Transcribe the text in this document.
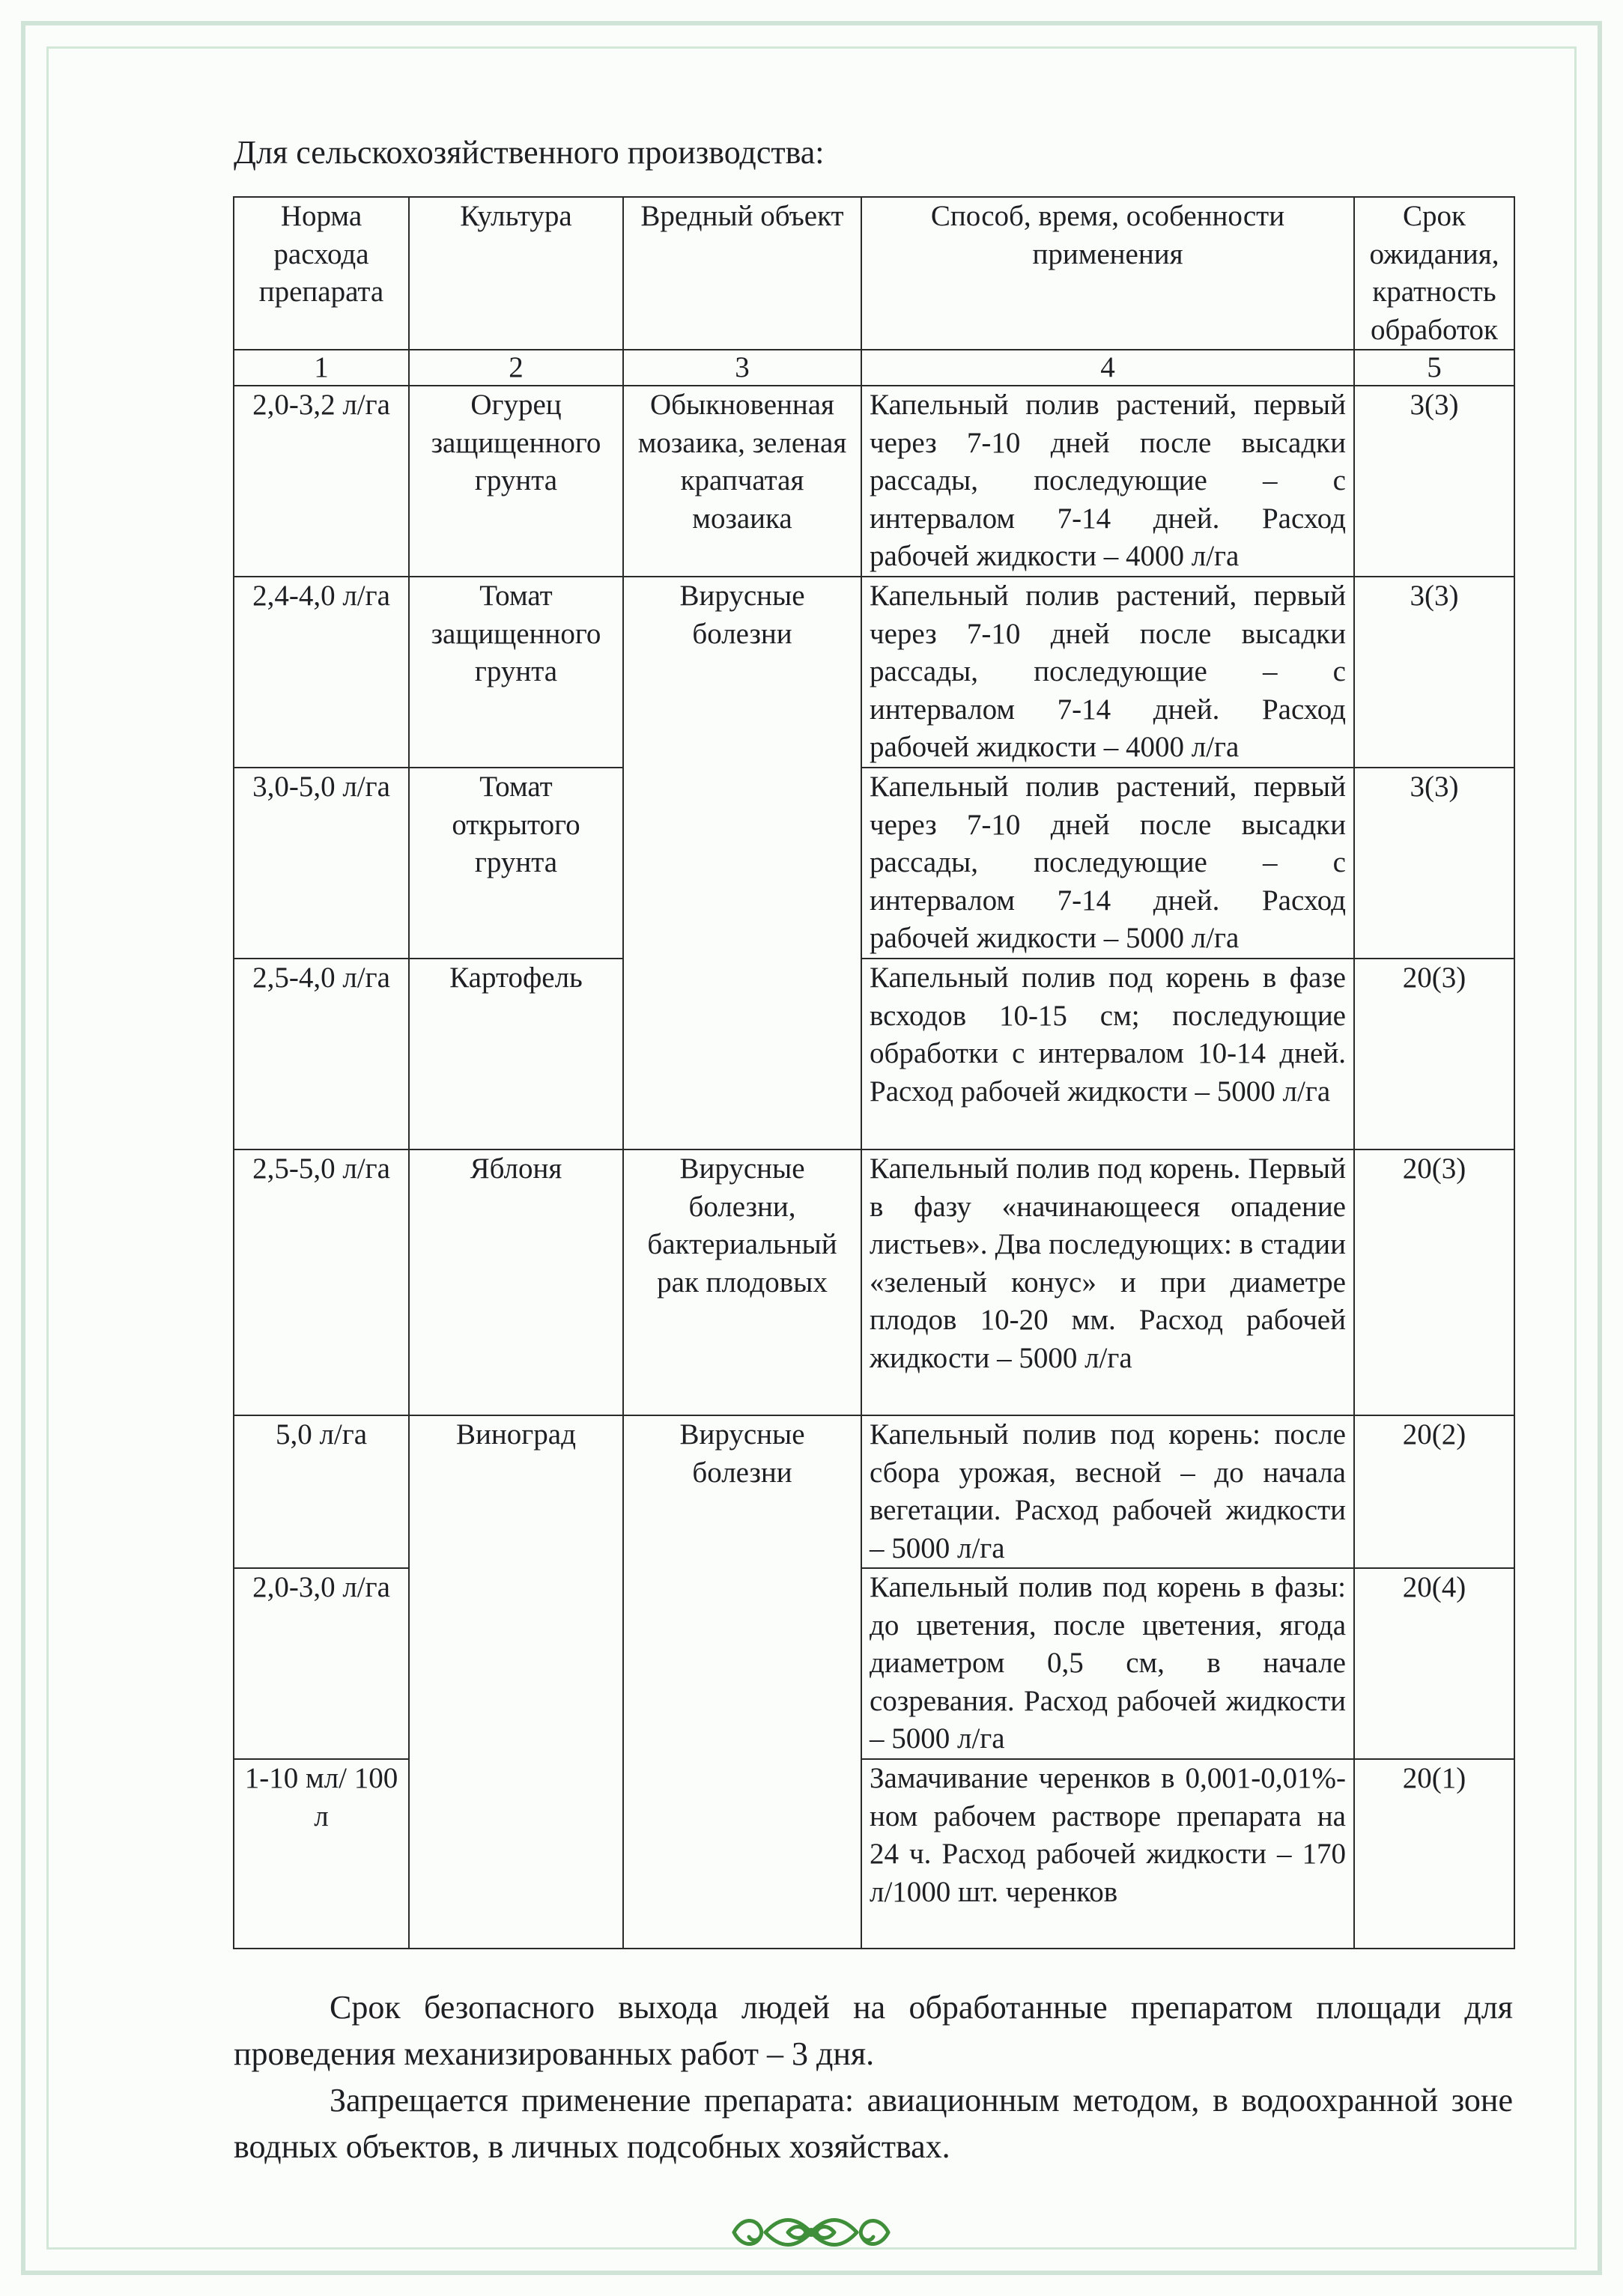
Для сельскохозяйственного производства:
Норма расхода препарата	Культура	Вредный объект	Способ, время, особенности применения	Срок ожидания, кратность обработок
1	2	3	4	5
2,0-3,2 л/га	Огурец защищенного грунта	Обыкновенная мозаика, зеленая крапчатая мозаика	Капельный полив растений, первый через 7-10 дней после высадки рассады, последующие – с интервалом 7-14 дней. Расход рабочей жидкости – 4000 л/га	3(3)
2,4-4,0 л/га	Томат защищенного грунта	Вирусные болезни	Капельный полив растений, первый через 7-10 дней после высадки рассады, последующие – с интервалом 7-14 дней. Расход рабочей жидкости – 4000 л/га	3(3)
3,0-5,0 л/га	Томат открытого грунта		Капельный полив растений, первый через 7-10 дней после высадки рассады, последующие – с интервалом 7-14 дней. Расход рабочей жидкости – 5000 л/га	3(3)
2,5-4,0 л/га	Картофель		Капельный полив под корень в фазе всходов 10-15 см; последующие обработки с интервалом 10-14 дней. Расход рабочей жидкости – 5000 л/га	20(3)
2,5-5,0 л/га	Яблоня	Вирусные болезни, бактериальный рак плодовых	Капельный полив под корень. Первый в фазу «начинающееся опадение листьев». Два последующих: в стадии «зеленый конус» и при диаметре плодов 10-20 мм. Расход рабочей жидкости – 5000 л/га	20(3)
5,0 л/га	Виноград	Вирусные болезни	Капельный полив под корень: после сбора урожая, весной – до начала вегетации. Расход рабочей жидкости – 5000 л/га	20(2)
2,0-3,0 л/га			Капельный полив под корень в фазы: до цветения, после цветения, ягода диаметром 0,5 см, в начале созревания. Расход рабочей жидкости – 5000 л/га	20(4)
1-10 мл/ 100 л			Замачивание черенков в 0,001-0,01%-ном рабочем растворе препарата на 24 ч. Расход рабочей жидкости – 170 л/1000 шт. черенков	20(1)
Срок безопасного выхода людей на обработанные препаратом площади для проведения механизированных работ – 3 дня.
Запрещается применение препарата: авиационным методом, в водоохранной зоне водных объектов, в личных подсобных хозяйствах.
